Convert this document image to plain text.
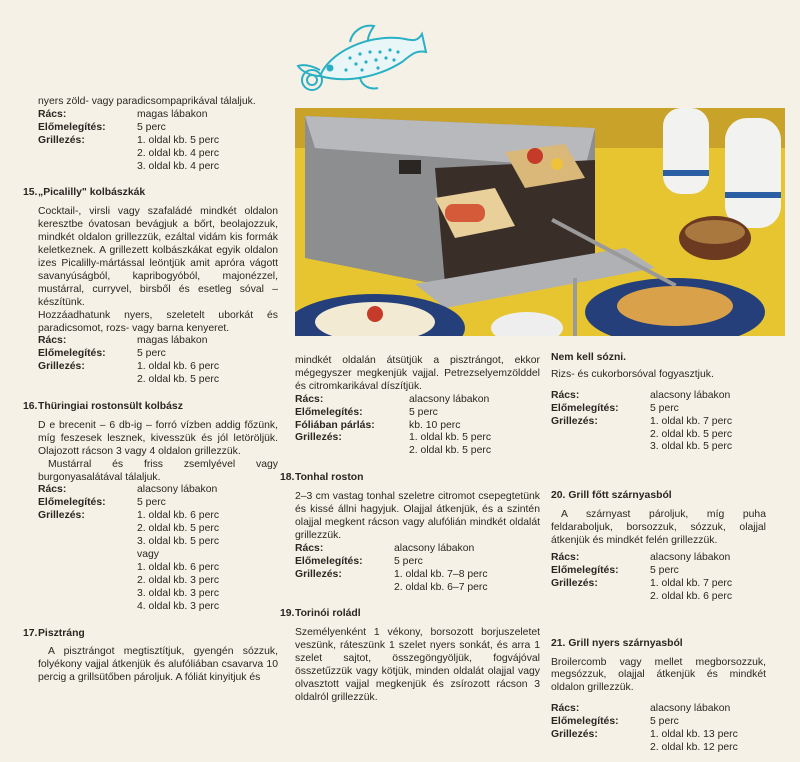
nyers zöld- vagy paradicsompaprikával tálaljuk.

Rács:	magas lábakon
Előmelegítés:	5 perc
Grillezés:	1. oldal kb. 5 perc
2. oldal kb. 4 perc
3. oldal kb. 4 perc
15. „Picalilly" kolbászkák

Cocktail-, virsli vagy szafaládé mindkét oldalon keresztbe óvatosan bevágjuk a bőrt, beolajozzuk, mindkét oldalon grillezzük, ezáltal vidám kis formák keletkeznek. A grillezett kolbászkákat egyik oldalon izes Picalilly-mártással leöntjük amit apróra vágott savanyúságból, kapribogyóból, majonézzel, mustárral, curryvel, birsből és esetleg sóval – készítünk.

Hozzáadhatunk nyers, szeletelt uborkát és paradicsomot, rozs- vagy barna kenyeret.

Rács:	magas lábakon
Előmelegítés:	5 perc
Grillezés:	1. oldal kb. 6 perc
2. oldal kb. 5 perc
16. Thüringiai rostonsült kolbász

D e brecenit – 6 db-ig – forró vízben addig főzünk, míg feszesek lesznek, kivesszük és jól letöröljük. Olajozott rácson 3 vagy 4 oldalon grillezzük.

Mustárral és friss zsemlyével vagy burgonyasalátával tálaljuk.

Rács:	alacsony lábakon
Előmelegítés:	5 perc
Grillezés:	1. oldal kb. 6 perc
2. oldal kb. 5 perc
3. oldal kb. 5 perc
vagy
1. oldal kb. 6 perc
2. oldal kb. 3 perc
3. oldal kb. 3 perc
4. oldal kb. 3 perc
17. Pisztráng

A pisztrángot megtisztítjuk, gyengén sózzuk, folyékony vajjal átkenjük és alufóliában csavarva 10 percig a grillsütőben pároljuk. A fóliát kinyitjuk és

mindkét oldalán átsütjük a pisztrángot, ekkor mégegyszer megkenjük vajjal. Petrezselyemzölddel és citromkarikával díszítjük.

Rács:	alacsony lábakon
Előmelegítés:	5 perc
Fóliában párlás:	kb. 10 perc
Grillezés:	1. oldal kb. 5 perc
2. oldal kb. 5 perc
18. Tonhal roston

2–3 cm vastag tonhal szeletre citromot csepegtetünk és kissé állni hagyjuk. Olajjal átkenjük, és a szintén olajjal megkent rácson vagy alufólián mindkét oldalát grillezzük.

Rács:	alacsony lábakon
Előmelegítés:	5 perc
Grillezés:	1. oldal kb. 7–8 perc
2. oldal kb. 6–7 perc
19. Torinói roládl

Személyenként 1 vékony, borsozott borjuszeletet veszünk, ráteszünk 1 szelet nyers sonkát, és arra 1 szelet sajtot, összegöngyöljük, fogvájóval összetűzzük vagy kötjük, minden oldalát olajjal vagy olvasztott vajjal megkenjük és zsírozott rácson 3 oldalról grillezzük.

Nem kell sózni.

Rizs- és cukorborsóval fogyasztjuk.

Rács:	alacsony lábakon
Előmelegítés:	5 perc
Grillezés:	1. oldal kb. 7 perc
2. oldal kb. 5 perc
3. oldal kb. 5 perc
20. Grill főtt szárnyasból

A szárnyast pároljuk, míg puha feldaraboljuk, borsozzuk, sózzuk, olajjal átkenjük és mindkét felén grillezzük.

Rács:	alacsony lábakon
Előmelegítés:	5 perc
Grillezés:	1. oldal kb. 7 perc
2. oldal kb. 6 perc
21. Grill nyers szárnyasból

Broilercomb vagy mellet megborsozzuk, megsózzuk, olajjal átkenjük és mindkét oldalon grillezzük.

Rács:	alacsony lábakon
Előmelegítés:	5 perc
Grillezés:	1. oldal kb. 13 perc
2. oldal kb. 12 perc
